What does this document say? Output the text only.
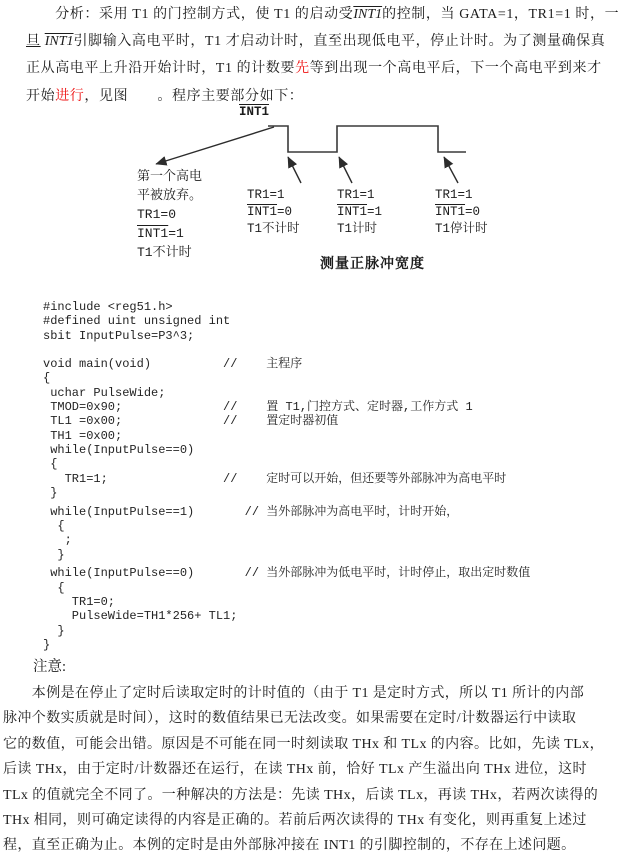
　　分析：采用 T1 的门控制方式，使 T1 的启动受INT1的控制，当 GATA=1，TR1=1 时，一
旦 INT1引脚输入高电平时，T1 才启动计时，直至出现低电平，停止计时。为了测量确保真
正从高电平上升沿开始计时，T1 的计数要先等到出现一个高电平后，下一个高电平到来才
开始进行，见图　　。程序主要部分如下：
INT1
第一个高电
平被放弃。
TR1=0
INT1=1
T1不计时
TR1=1
INT1=0
T1不计时
TR1=1
INT1=1
T1计时
TR1=1
INT1=0
T1停计时
测量正脉冲宽度
#include <reg51.h>
#defined uint unsigned int
sbit InputPulse=P3^3;
void main(void)          //    主程序
{
uchar PulseWide;
TMOD=0x90;              //    置 T1,门控方式、定时器,工作方式 1
TL1 =0x00;              //    置定时器初值
TH1 =0x00;
while(InputPulse==0)
{
TR1=1;                //    定时可以开始，但还要等外部脉冲为高电平时
}
while(InputPulse==1)       // 当外部脉冲为高电平时，计时开始，
{
;
}
while(InputPulse==0)       // 当外部脉冲为低电平时，计时停止，取出定时数值
{
TR1=0;
PulseWide=TH1*256+ TL1;
}
}
注意:
　　本例是在停止了定时后读取定时的计时值的（由于 T1 是定时方式，所以 T1 所计的内部
脉冲个数实质就是时间），这时的数值结果已无法改变。如果需要在定时/计数器运行中读取
它的数值，可能会出错。原因是不可能在同一时刻读取 THx 和 TLx 的内容。比如，先读 TLx，
后读 THx，由于定时/计数器还在运行，在读 THx 前，恰好 TLx 产生溢出向 THx 进位，这时
TLx 的值就完全不同了。一种解决的方法是：先读 THx，后读 TLx，再读 THx，若两次读得的
THx 相同，则可确定读得的内容是正确的。若前后两次读得的 THx 有变化，则再重复上述过
程，直至正确为止。本例的定时是由外部脉冲接在 INT1 的引脚控制的，不存在上述问题。
